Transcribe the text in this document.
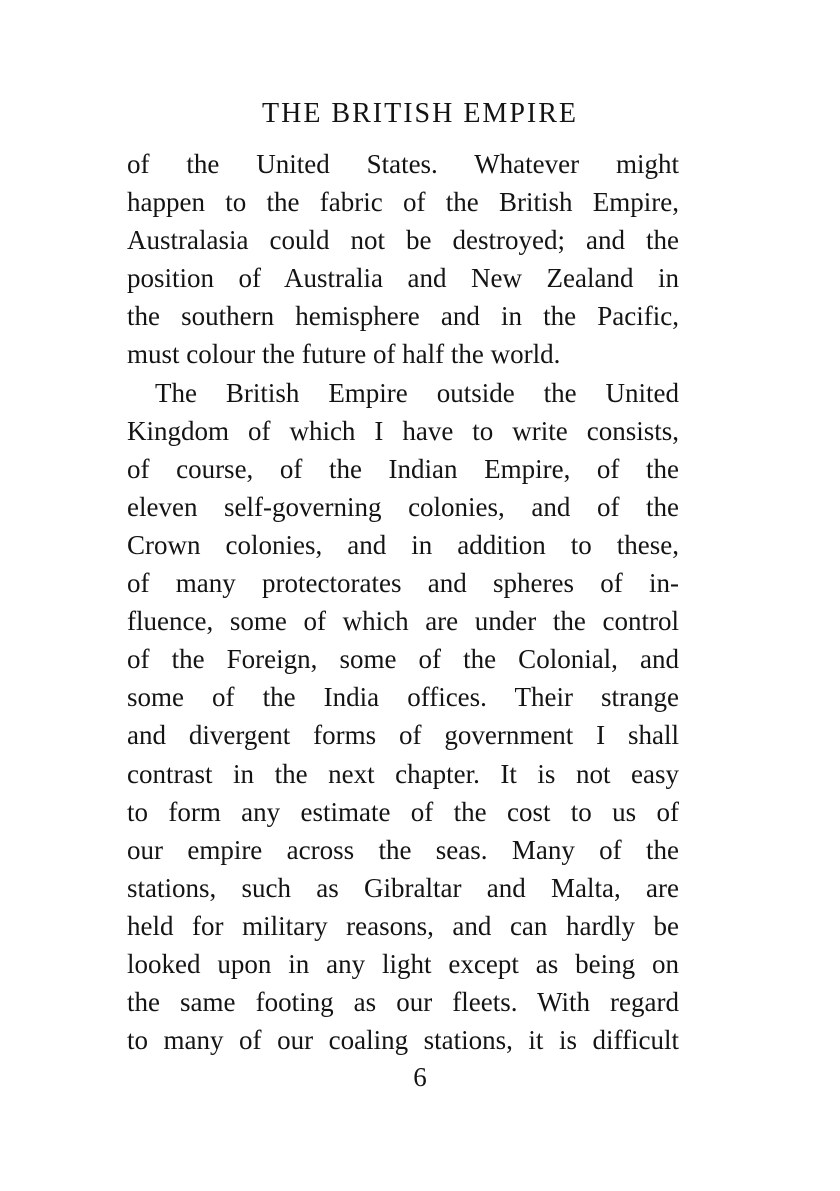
THE BRITISH EMPIRE
of the United States. Whatever might
happen to the fabric of the British Empire,
Australasia could not be destroyed; and the
position of Australia and New Zealand in
the southern hemisphere and in the Pacific,
must colour the future of half the world.
The British Empire outside the United
Kingdom of which I have to write consists,
of course, of the Indian Empire, of the
eleven self-governing colonies, and of the
Crown colonies, and in addition to these,
of many protectorates and spheres of in-
fluence, some of which are under the control
of the Foreign, some of the Colonial, and
some of the India offices. Their strange
and divergent forms of government I shall
contrast in the next chapter. It is not easy
to form any estimate of the cost to us of
our empire across the seas. Many of the
stations, such as Gibraltar and Malta, are
held for military reasons, and can hardly be
looked upon in any light except as being on
the same footing as our fleets. With regard
to many of our coaling stations, it is difficult
6
